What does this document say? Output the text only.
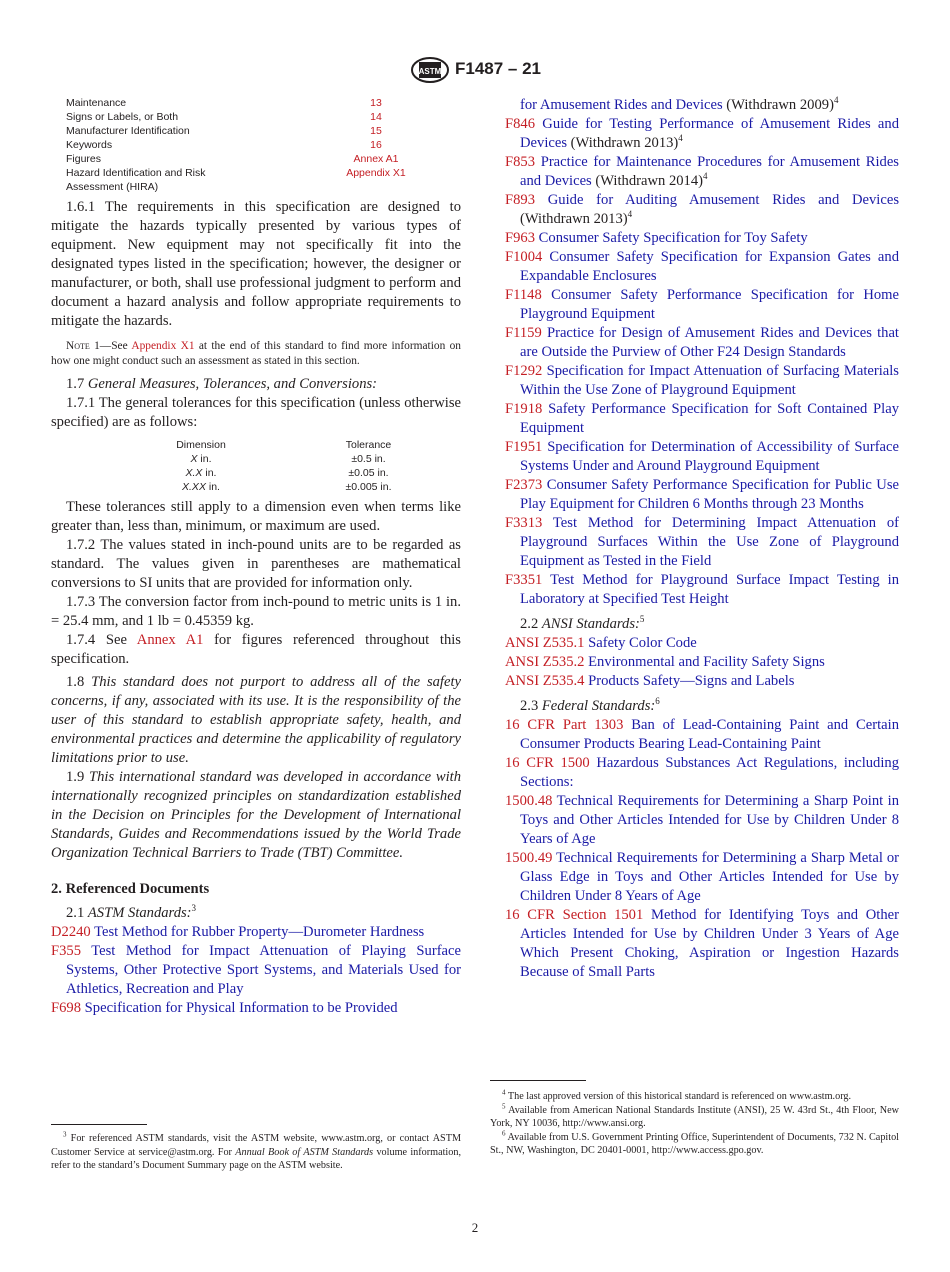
ASTM F1487 – 21
Maintenance	13
Signs or Labels, or Both	14
Manufacturer Identification	15
Keywords	16
Figures	Annex A1
Hazard Identification and Risk	Appendix X1
Assessment (HIRA)

1.6.1 The requirements in this specification are designed to mitigate the hazards typically presented by various types of equipment. New equipment may not specifically fit into the designated types listed in the specification; however, the designer or manufacturer, or both, shall use professional judgment to perform and document a hazard analysis and follow appropriate requirements to mitigate the hazards.

Note 1—See Appendix X1 at the end of this standard to find more information on how one might conduct such an assessment as stated in this section.

1.7 General Measures, Tolerances, and Conversions:

1.7.1 The general tolerances for this specification (unless otherwise specified) are as follows:

Dimension	Tolerance
X in.	±0.5 in.
X.X in.	±0.05 in.
X.XX in.	±0.005 in.

These tolerances still apply to a dimension even when terms like greater than, less than, minimum, or maximum are used.

1.7.2 The values stated in inch-pound units are to be regarded as standard. The values given in parentheses are mathematical conversions to SI units that are provided for information only.

1.7.3 The conversion factor from inch-pound to metric units is 1 in. = 25.4 mm, and 1 lb = 0.45359 kg.

1.7.4 See Annex A1 for figures referenced throughout this specification.

1.8 This standard does not purport to address all of the safety concerns, if any, associated with its use. It is the responsibility of the user of this standard to establish appropriate safety, health, and environmental practices and determine the applicability of regulatory limitations prior to use.

1.9 This international standard was developed in accordance with internationally recognized principles on standardization established in the Decision on Principles for the Development of International Standards, Guides and Recommendations issued by the World Trade Organization Technical Barriers to Trade (TBT) Committee.

2. Referenced Documents

2.1 ASTM Standards:$^3$

D2240 Test Method for Rubber Property—Durometer Hardness

F355 Test Method for Impact Attenuation of Playing Surface Systems, Other Protective Sport Systems, and Materials Used for Athletics, Recreation and Play

F698 Specification for Physical Information to be Provided

for Amusement Rides and Devices (Withdrawn 2009)$^4$

F846 Guide for Testing Performance of Amusement Rides and Devices (Withdrawn 2013)$^4$

F853 Practice for Maintenance Procedures for Amusement Rides and Devices (Withdrawn 2014)$^4$

F893 Guide for Auditing Amusement Rides and Devices (Withdrawn 2013)$^4$

F963 Consumer Safety Specification for Toy Safety

F1004 Consumer Safety Specification for Expansion Gates and Expandable Enclosures

F1148 Consumer Safety Performance Specification for Home Playground Equipment

F1159 Practice for Design of Amusement Rides and Devices that are Outside the Purview of Other F24 Design Standards

F1292 Specification for Impact Attenuation of Surfacing Materials Within the Use Zone of Playground Equipment

F1918 Safety Performance Specification for Soft Contained Play Equipment

F1951 Specification for Determination of Accessibility of Surface Systems Under and Around Playground Equipment

F2373 Consumer Safety Performance Specification for Public Use Play Equipment for Children 6 Months through 23 Months

F3313 Test Method for Determining Impact Attenuation of Playground Surfaces Within the Use Zone of Playground Equipment as Tested in the Field

F3351 Test Method for Playground Surface Impact Testing in Laboratory at Specified Test Height

2.2 ANSI Standards:$^5$

ANSI Z535.1 Safety Color Code

ANSI Z535.2 Environmental and Facility Safety Signs

ANSI Z535.4 Products Safety—Signs and Labels

2.3 Federal Standards:$^6$

16 CFR Part 1303 Ban of Lead-Containing Paint and Certain Consumer Products Bearing Lead-Containing Paint

16 CFR 1500 Hazardous Substances Act Regulations, including Sections:

1500.48 Technical Requirements for Determining a Sharp Point in Toys and Other Articles Intended for Use by Children Under 8 Years of Age

1500.49 Technical Requirements for Determining a Sharp Metal or Glass Edge in Toys and Other Articles Intended for Use by Children Under 8 Years of Age

16 CFR Section 1501 Method for Identifying Toys and Other Articles Intended for Use by Children Under 3 Years of Age Which Present Choking, Aspiration or Ingestion Hazards Because of Small Parts

$^3$ For referenced ASTM standards, visit the ASTM website, www.astm.org, or contact ASTM Customer Service at service@astm.org. For Annual Book of ASTM Standards volume information, refer to the standard’s Document Summary page on the ASTM website.

$^4$ The last approved version of this historical standard is referenced on www.astm.org.

$^5$ Available from American National Standards Institute (ANSI), 25 W. 43rd St., 4th Floor, New York, NY 10036, http://www.ansi.org.

$^6$ Available from U.S. Government Printing Office, Superintendent of Documents, 732 N. Capitol St., NW, Washington, DC 20401-0001, http://www.access.gpo.gov.

2
